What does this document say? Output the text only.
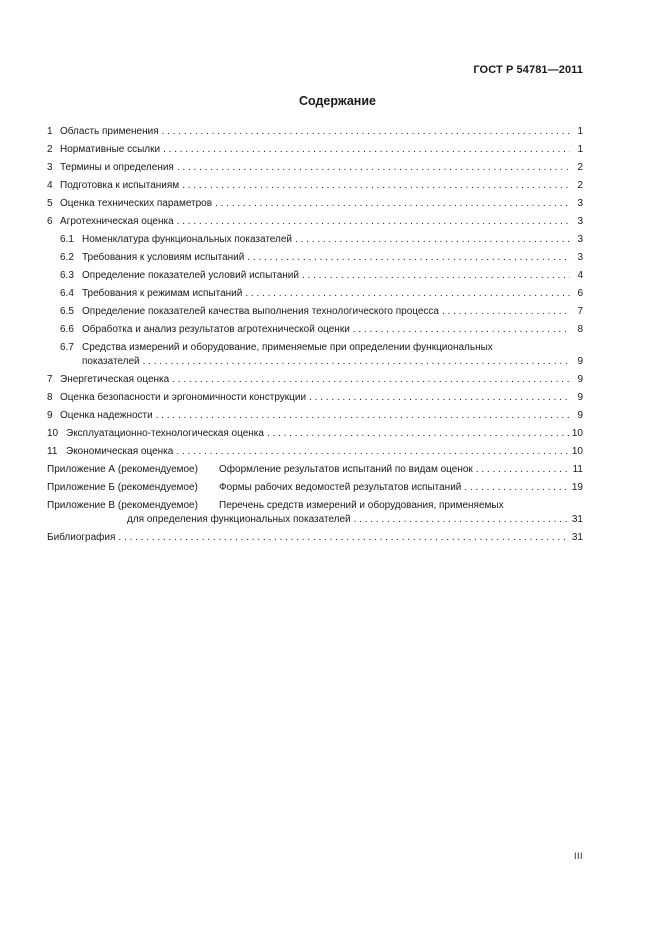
ГОСТ Р 54781—2011
Содержание
1 Область применения . . .	1
2 Нормативные ссылки . . .	1
3 Термины и определения . . .	2
4 Подготовка к испытаниям . . .	2
5 Оценка технических параметров . . .	3
6 Агротехническая оценка . . .	3
6.1 Номенклатура функциональных показателей . . .	3
6.2 Требования к условиям испытаний . . .	3
6.3 Определение показателей условий испытаний . . .	4
6.4 Требования к режимам испытаний . . .	6
6.5 Определение показателей качества выполнения технологического процесса . . .	7
6.6 Обработка и анализ результатов агротехнической оценки . . .	8
6.7 Средства измерений и оборудование, применяемые при определении функциональных
показателей . . .	9
7 Энергетическая оценка . . .	9
8 Оценка безопасности и эргономичности конструкции . . .	9
9 Оценка надежности . . .	9
10 Эксплуатационно-технологическая оценка . . .	10
11 Экономическая оценка . . .	10
Приложение А (рекомендуемое) Оформление результатов испытаний по видам оценок . . .	11
Приложение Б (рекомендуемое) Формы рабочих ведомостей результатов испытаний . . .	19
Приложение В (рекомендуемое) Перечень средств измерений и оборудования, применяемых
для определения функциональных показателей . . .	31
Библиография . . .	31
III
